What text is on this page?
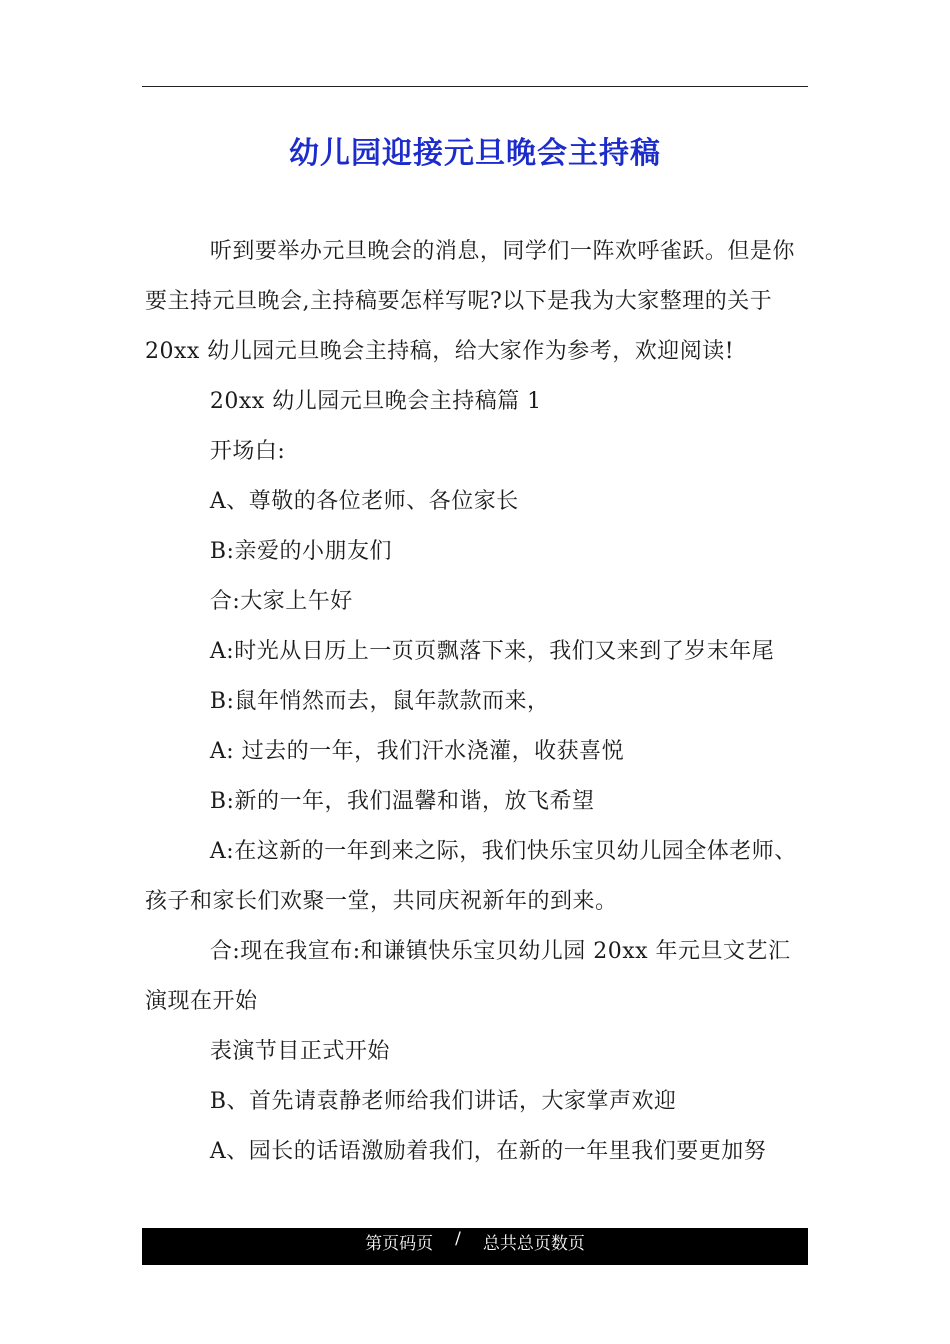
幼儿园迎接元旦晚会主持稿

听到要举办元旦晚会的消息，同学们一阵欢呼雀跃。但是你要主持元旦晚会,主持稿要怎样写呢?以下是我为大家整理的关于 20xx 幼儿园元旦晚会主持稿，给大家作为参考，欢迎阅读!

20xx 幼儿园元旦晚会主持稿篇 1

开场白:

A、尊敬的各位老师、各位家长

B:亲爱的小朋友们

合:大家上午好

A:时光从日历上一页页飘落下来，我们又来到了岁末年尾

B:鼠年悄然而去，鼠年款款而来，

A: 过去的一年，我们汗水浇灌，收获喜悦

B:新的一年，我们温馨和谐，放飞希望

A:在这新的一年到来之际，我们快乐宝贝幼儿园全体老师、孩子和家长们欢聚一堂，共同庆祝新年的到来。

合:现在我宣布:和谦镇快乐宝贝幼儿园 20xx 年元旦文艺汇演现在开始

表演节目正式开始

B、首先请袁静老师给我们讲话，大家掌声欢迎

A、园长的话语激励着我们，在新的一年里我们要更加努

第页码页 / 总共总页数页
